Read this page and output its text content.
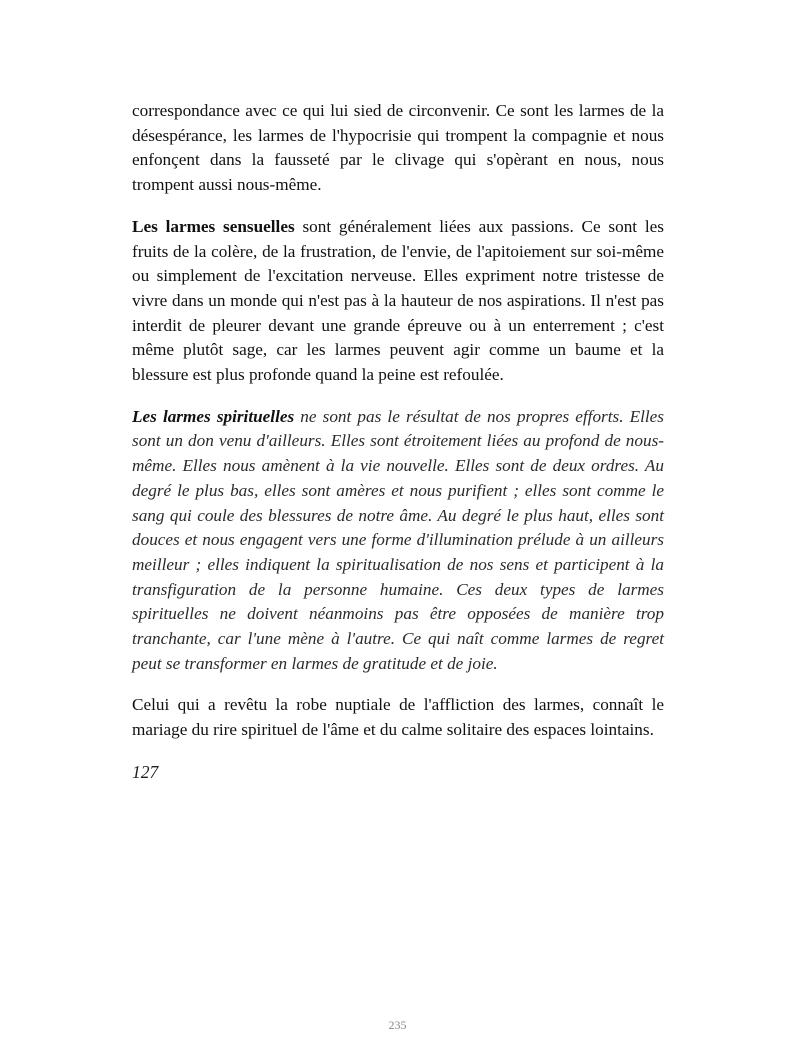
correspondance avec ce qui lui sied de circonvenir. Ce sont les larmes de la désespérance, les larmes de l'hypocrisie qui trompent la compagnie et nous enfonçent dans la fausseté par le clivage qui s'opèrant en nous, nous trompent aussi nous-même.

Les larmes sensuelles sont généralement liées aux passions. Ce sont les fruits de la colère, de la frustration, de l'envie, de l'apitoiement sur soi-même ou simplement de l'excitation nerveuse. Elles expriment notre tristesse de vivre dans un monde qui n'est pas à la hauteur de nos aspirations. Il n'est pas interdit de pleurer devant une grande épreuve ou à un enterrement ; c'est même plutôt sage, car les larmes peuvent agir comme un baume et la blessure est plus profonde quand la peine est refoulée.

Les larmes spirituelles ne sont pas le résultat de nos propres efforts. Elles sont un don venu d'ailleurs. Elles sont étroitement liées au profond de nous-même. Elles nous amènent à la vie nouvelle. Elles sont de deux ordres. Au degré le plus bas, elles sont amères et nous purifient ; elles sont comme le sang qui coule des blessures de notre âme. Au degré le plus haut, elles sont douces et nous engagent vers une forme d'illumination prélude à un ailleurs meilleur ; elles indiquent la spiritualisation de nos sens et participent à la transfiguration de la personne humaine. Ces deux types de larmes spirituelles ne doivent néanmoins pas être opposées de manière trop tranchante, car l'une mène à l'autre. Ce qui naît comme larmes de regret peut se transformer en larmes de gratitude et de joie.

Celui qui a revêtu la robe nuptiale de l'affliction des larmes, connaît le mariage du rire spirituel de l'âme et du calme solitaire des espaces lointains.

127

235
